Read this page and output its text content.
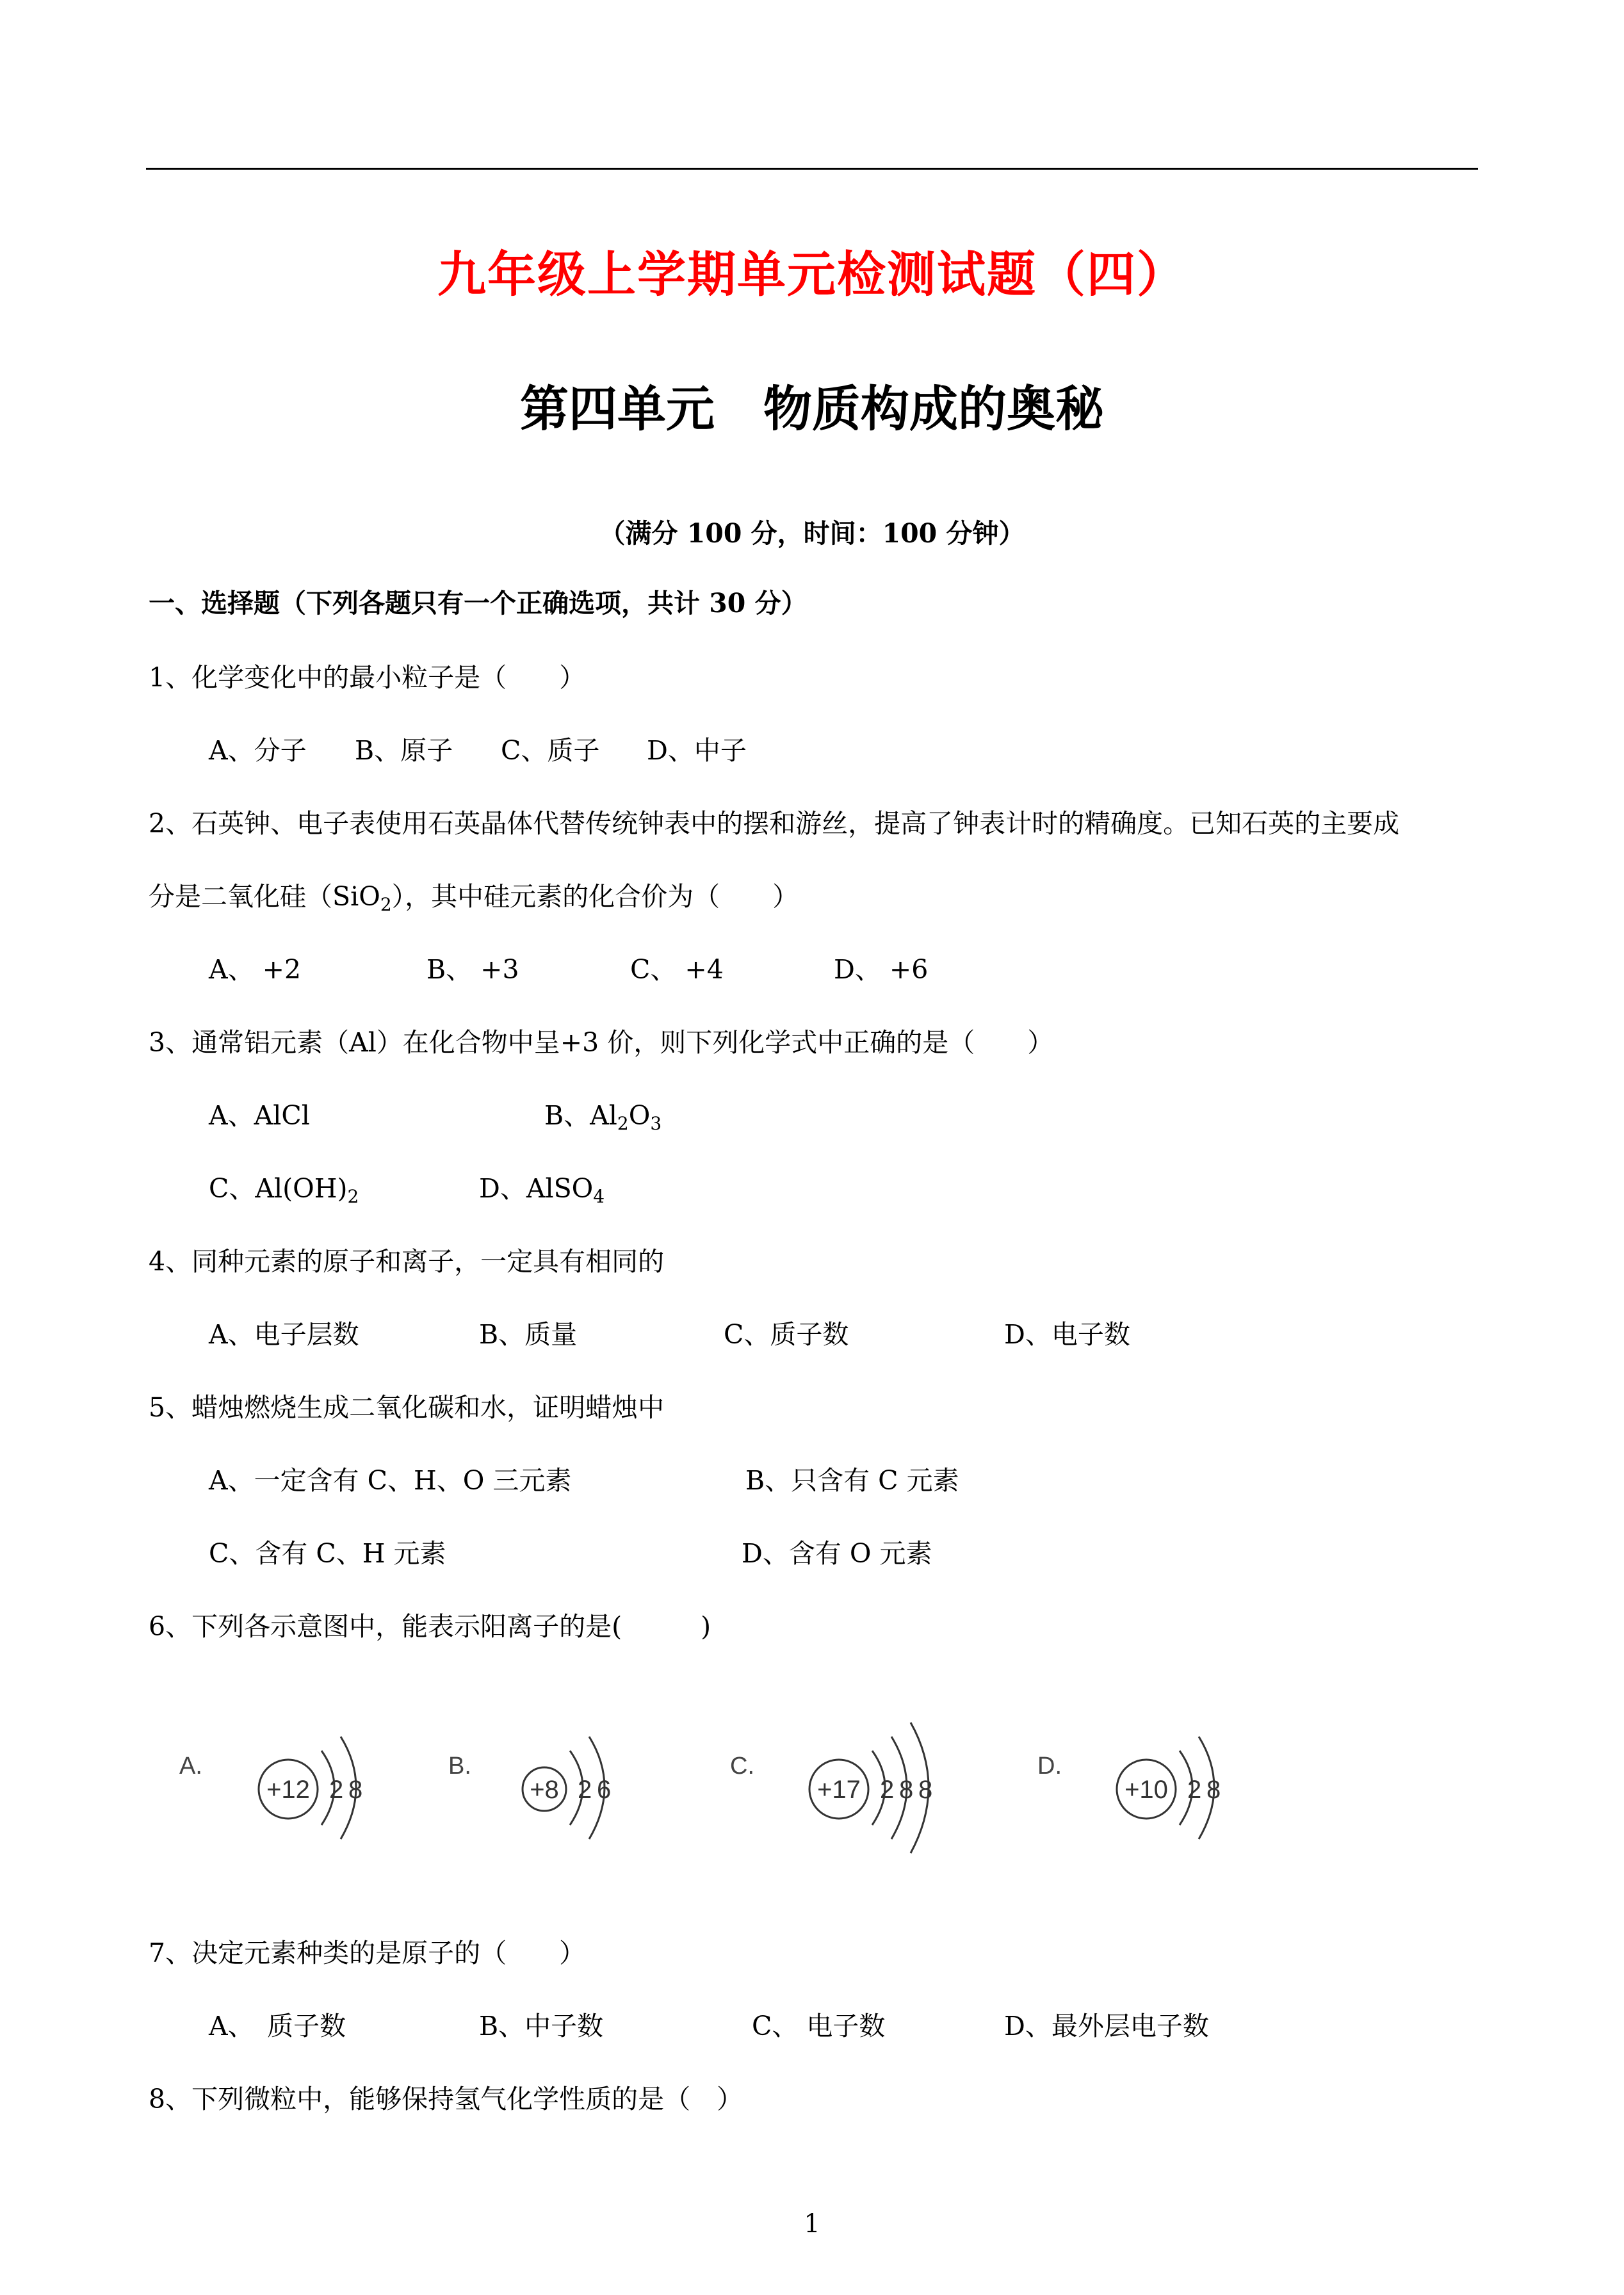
九年级上学期单元检测试题（四）
第四单元　物质构成的奥秘
（满分 100 分，时间：100 分钟）
一、选择题（下列各题只有一个正确选项，共计 30 分）
1、化学变化中的最小粒子是（　　）
A、分子 B、原子 C、质子 D、中子
2、石英钟、电子表使用石英晶体代替传统钟表中的摆和游丝，提高了钟表计时的精确度。已知石英的主要成
分是二氧化硅（SiO$_2$），其中硅元素的化合价为（　　）
A、 +2	B、 +3	C、 +4	D、 +6
3、通常铝元素（Al）在化合物中呈+3 价，则下列化学式中正确的是（　　）
A、AlCl	B、$Al_2O_3$
C、$Al(OH)_2$	D、AlSO$_4$
4、同种元素的原子和离子，一定具有相同的
A、电子层数	B、质量	C、质子数	D、电子数
5、蜡烛燃烧生成二氧化碳和水，证明蜡烛中
A、一定含有 C、H、O 三元素	B、只含有 C 元素
C、含有 C、H 元素	D、含有 O 元素
6、下列各示意图中，能表示阳离子的是(　　　)
A.
+12 2 8
B.
+8 2 6
C.
+17 2 8 8
D.
+10 2 8
7、决定元素种类的是原子的（　　）
A、　质子数	B、中子数	C、 电子数	D、最外层电子数
8、下列微粒中，能够保持氢气化学性质的是（　）
1
